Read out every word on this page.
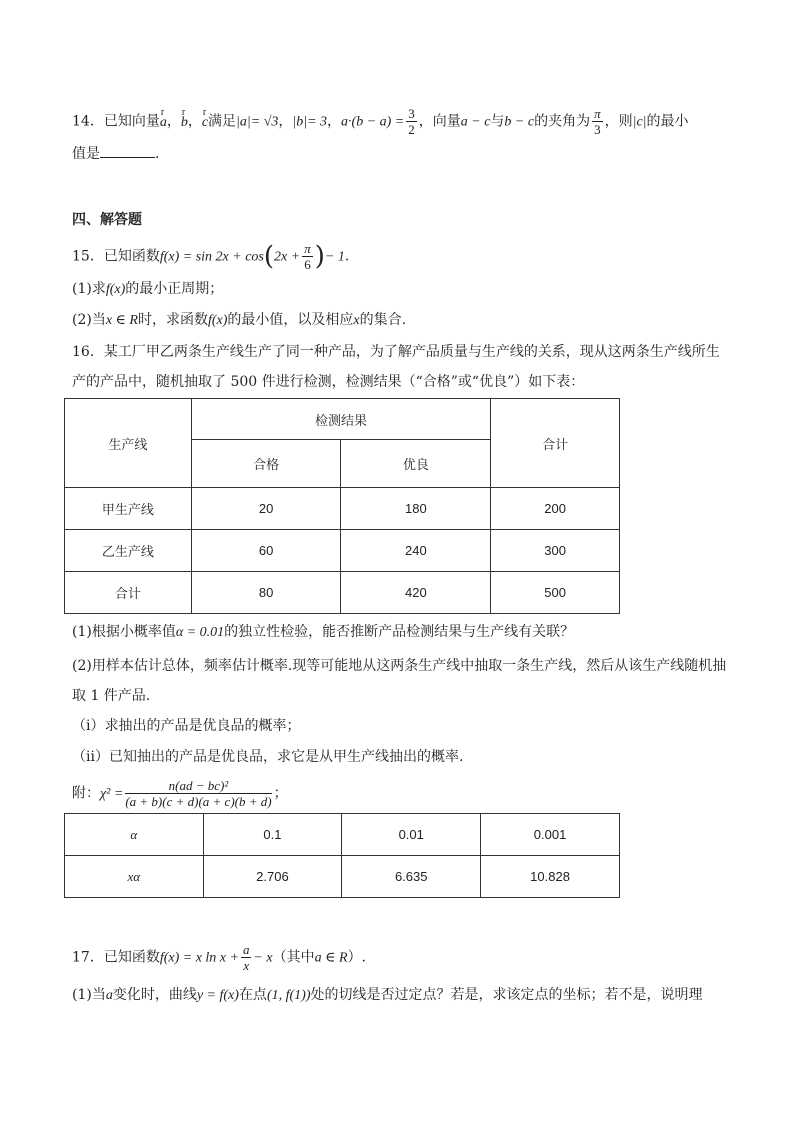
14．已知向量r a，r b，r c满足|a|= √3，|b|= 3，$a\cdot(b - a) = \frac{3}{2}$ ，向量a − c与b − c的夹角为 $\frac{\pi}{3}$ ，则|c|的最小
值是	.
四、解答题
15．已知函数$f(x) = \sin 2x + \cos(2x + \frac{\pi}{6}$ )− 1.
(1)求f(x)的最小正周期；
(2)当x ∈ R时，求函数f(x)的最小值，以及相应x的集合.
16．某工厂甲乙两条生产线生产了同一种产品，为了解产品质量与生产线的关系，现从这两条生产线所生
产的产品中，随机抽取了 500 件进行检测，检测结果（“合格”或“优良”）如下表：
生产线	检测结果		合计
	合格	优良	
甲生产线	20	180	200
乙生产线	60	240	300
合计	80	420	500
(1)根据小概率值α = 0.01的独立性检验，能否推断产品检测结果与生产线有关联？
(2)用样本估计总体，频率估计概率.现等可能地从这两条生产线中抽取一条生产线，然后从该生产线随机抽
取 1 件产品.
（i）求抽出的产品是优良品的概率；
（ii）已知抽出的产品是优良品，求它是从甲生产线抽出的概率.
附：$\chi^2 = \frac{\text{n(ad − bc)²}}{(a + b)(c + d)(a + c)(b + d)}$ ；
α	0.1	0.01	0.001
xα	2.706	6.635	10.828
17．已知函数f(x) = x $\ln x + \frac{a}{x} - x$（其中a ∈ R）.
(1)当a变化时，曲线y = f(x)在点(1, f(1))处的切线是否过定点？若是，求该定点的坐标；若不是，说明理
